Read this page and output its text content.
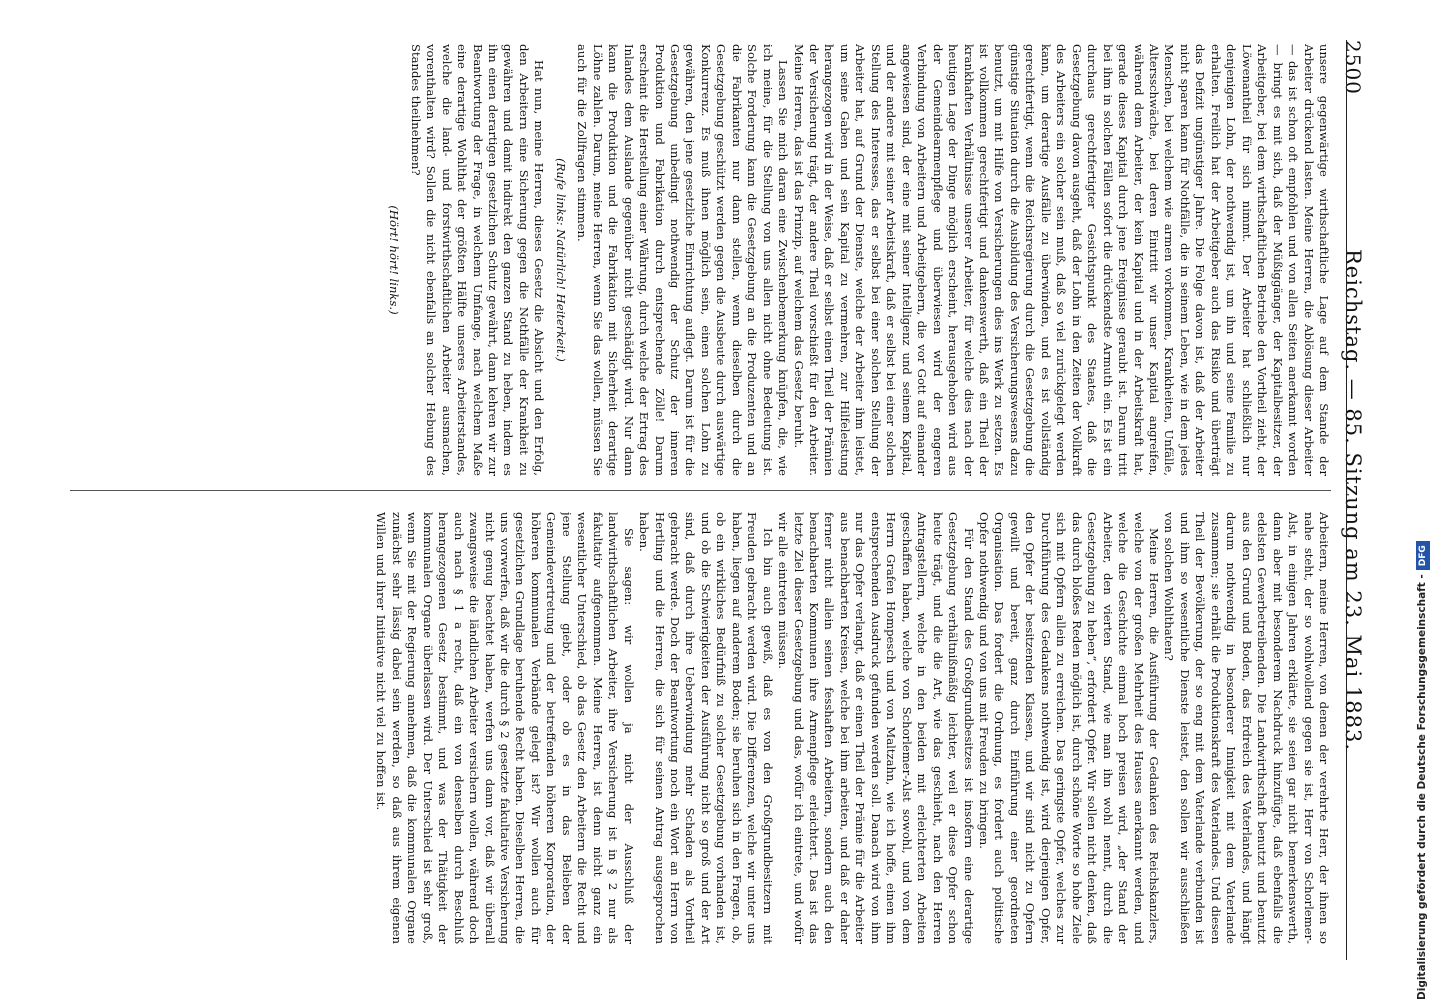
2500
Reichstag. — 85. Sitzung am 23. Mai 1883.

unsere gegenwärtige wirthschaftliche Lage auf dem Stande der Arbeiter drückend lasten. Meine Herren, die Ablösung dieser Arbeiter — das ist schon oft empfohlen und von allen Seiten anerkannt worden — bringt es mit sich, daß der Müßiggänger, der Kapitalbesitzer, der Arbeitgeber, bei dem wirthschaftlichen Betriebe den Vortheil zieht, der Löwenantheil für sich nimmt. Der Arbeiter hat schließlich nur denjenigen Lohn, der nothwendig ist, um ihn und seine Familie zu erhalten. Freilich hat der Arbeitgeber auch das Risiko und überträgt das Defizit ungünstiger Jahre. Die Folge davon ist, daß der Arbeiter nicht sparen kann für Nothfälle, die in seinem Leben, wie in dem jedes Menschen, bei welchem wie armen vorkommen, Krankheiten, Unfälle, Altersschwäche, bei deren Eintritt wir unser Kapital angreifen, während dem Arbeiter, der kein Kapital und in der Arbeitskraft hat, gerade dieses Kapital durch jene Ereignisse geraubt ist. Darum tritt bei ihm in solchen Fällen sofort die drückendste Armuth ein. Es ist ein durchaus gerechtfertigter Gesichtspunkt des Staates, daß die Gesetzgebung davon ausgeht, daß der Lohn in den Zeiten der Vollkraft des Arbeiters ein solcher sein muß, daß so viel zurückgelegt werden kann, um derartige Ausfälle zu überwinden, und es ist vollständig gerechtfertigt, wenn die Reichsregierung durch die Gesetzgebung die günstige Situation durch die Ausbildung des Versicherungswesens dazu benutzt, um mit Hilfe von Versicherungen dies ins Werk zu setzen. Es ist vollkommen gerechtfertigt und dankenswerth, daß ein Theil der krankhaften Verhältnisse unserer Arbeiter, für welche dies nach der heutigen Lage der Dinge möglich erscheint, herausgehoben wird aus der Gemeindearmenpflege und überwiesen wird der engeren Verbindung von Arbeitern und Arbeitgebern, die vor Gott auf einander angewiesen sind, der eine mit seiner Intelligenz und seinem Kapital, und der andere mit seiner Arbeitskraft, daß er selbst bei einer solchen Stellung des Interesses, das er selbst bei einer solchen Stellung der Arbeiter hat, auf Grund der Dienste, welche der Arbeiter ihm leistet, um seine Gaben und sein Kapital zu vermehren, zur Hilfeleistung herangezogen wird in der Weise, daß er selbst einen Theil der Prämien der Versicherung trägt, der andere Theil vorschießt für den Arbeiter. Meine Herren, das ist das Prinzip, auf welchem das Gesetz beruht.

Lassen Sie mich daran eine Zwischenbemerkung knüpfen, die, wie ich meine, für die Stellung von uns allen nicht ohne Bedeutung ist. Solche Forderung kann die Gesetzgebung an die Produzenten und an die Fabrikanten nur dann stellen, wenn dieselben durch die Gesetzgebung geschützt werden gegen die Ausbeute durch auswärtige Konkurrenz. Es muß ihnen möglich sein, einen solchen Lohn zu gewähren, den jene gesetzliche Einrichtung auflegt. Darum ist für die Gesetzgebung unbedingt nothwendig der Schutz der inneren Produktion und Fabrikation durch entsprechende Zölle! Darum erscheint die Herstellung einer Währung, durch welche der Ertrag des Inlandes dem Auslande gegenüber nicht geschädigt wird. Nur dann kann die Produktion und die Fabrikation mit Sicherheit derartige Löhne zahlen. Darum, meine Herren, wenn Sie das wollen, müssen Sie auch für die Zollfragen stimmen.

(Rufe links: Natürlich! Heiterkeit.)

Hat nun, meine Herren, dieses Gesetz die Absicht und den Erfolg, den Arbeitern eine Sicherung gegen die Nothfälle der Krankheit zu gewähren und damit indirekt den ganzen Stand zu heben, indem es ihn einen derartigen gesetzlichen Schutz gewährt, dann kehren wir zur Beantwortung der Frage, in welchem Umfange, nach welchem Maße eine derartige Wohlthat der größten Hälfte unseres Arbeiterstandes, welche die land- und forstwirthschaftlichen Arbeiter ausmachen, vorenthalten wird? Sollen die nicht ebenfalls an solcher Hebung des Standes theilnehmen?

(Hört! hört! links.)

Arbeitern, meine Herren, von denen der verehrte Herr, der ihnen so nahe steht, der so wohlwollend gegen sie ist, Herr von Schorlemer-Alst, in einigen Jahren erklärte, sie seien gar nicht bemerkenswerth, dann aber mit besonderem Nachdruck hinzufügte, daß ebenfalls die edelsten Gewerbetreibenden. Die Landwirthschaft benutzt und benutzt aus den Grund und Boden, das Erdreich des Vaterlandes, und hängt darum nothwendig in besonderer Innigkeit mit dem Vaterlande zusammen; sie erhält die Produktionskraft des Vaterlandes. Und diesen Theil der Bevölkerung, der so eng mit dem Vaterlande verbunden ist und ihm so wesentliche Dienste leistet, den sollen wir ausschließen von solchen Wohlthaten?

Meine Herren, die Ausführung der Gedanken des Reichskanzlers, welche von der großen Mehrheit des Hauses anerkannt werden, und welche die Geschichte einmal hoch preisen wird, „der Stand der Arbeiter, den vierten Stand, wie man ihn wohl nennt, durch die Gesetzgebung zu heben“, erfordert Opfer. Wir sollen nicht denken, daß das durch bloßes Reden möglich ist, durch schöne Worte so hohe Ziele sich mit Opfern allein zu erreichen. Das geringste Opfer, welches zur Durchführung des Gedankens nothwendig ist, wird derjenigen Opfer, den Opfer der besitzenden Klassen, und wir sind nicht zu Opfern gewillt und bereit, ganz durch Einführung einer geordneten Organisation. Das fordert die Ordnung, es fordert auch politische Opfer nothwendig und von uns mit Freuden zu bringen.

Für den Stand des Großgrundbesitzes ist insofern eine derartige Gesetzgebung verhältnißmäßig leichter, weil er diese Opfer schon heute trägt, und die die Art, wie das geschieht, nach den Herren Antragstellern, welche in den beiden mit erleichterten Arbeiten geschaffen haben, welche von Schorlemer-Alst sowohl, und von dem Herrn Grafen Hompesch und von Maltzahn, wie ich hoffe, einen ihm entsprechenden Ausdruck gefunden werden soll. Danach wird von ihm nur das Opfer verlangt, daß er einen Theil der Prämie für die Arbeiter aus benachbarten Kreisen, welche bei ihm arbeiten, und daß er daher ferner nicht allein seinen fesshaften Arbeitern, sondern auch den benachbarten Kommunen ihre Armenpflege erleichtert. Das ist das letzte Ziel dieser Gesetzgebung und das, wofür ich eintrete, und wofür wir alle eintreten müssen.

Ich bin auch gewiß, daß es von den Großgrundbesitzern mit Freuden gebracht werden wird. Die Differenzen, welche wir unter uns haben, liegen auf anderem Boden; sie beruhen sich in den Fragen, ob, ob ein wirkliches Bedürfniß zu solcher Gesetzgebung vorhanden ist, und ob die Schwierigkeiten der Ausführung nicht so groß und der Art sind, daß durch ihre Ueberwindung mehr Schaden als Vortheil gebracht werde. Doch der Beantwortung noch ein Wort an Herrn von Hertling und die Herren, die sich für seinen Antrag ausgesprochen haben.

Sie sagen: wir wollen ja nicht der Ausschluß der landwirthschaftlichen Arbeiter, ihre Versicherung ist in § 2 nur als fakultativ aufgenommen. Meine Herren, ist denn nicht ganz ein wesentlicher Unterschied, ob das Gesetz den Arbeitern die Recht und jene Stellung giebt, oder ob es in das Belieben der Gemeindevertretung und der betreffenden höheren Korporation, der höheren kommunalen Verbände gelegt ist? Wir wollen auch für gesetzlichen Grundlage beruhende Recht haben. Dieselben Herren, die uns vorwerfen, daß wir die durch § 2 gesetzte fakultative Versicherung nicht genug beachtet haben, werfen uns dann vor, daß wir überall zwangsweise die ländlichen Arbeiter versichern wollen, während doch auch nach § 1 a recht, daß ein von denselben durch Beschluß herangezogenen Gesetz bestimmt, und was der Thätigkeit der kommunalen Organe überlassen wird. Der Unterschied ist sehr groß, wenn Sie mit der Regierung annehmen, daß die kommunalen Organe zunächst sehr lässig dabei sein werden, so daß aus ihrem eigenen Willen und ihrer Initiative nicht viel zu hoffen ist.	Digitalisierung gefördert durch die Deutsche Forschungsgemeinschaft -DFG
